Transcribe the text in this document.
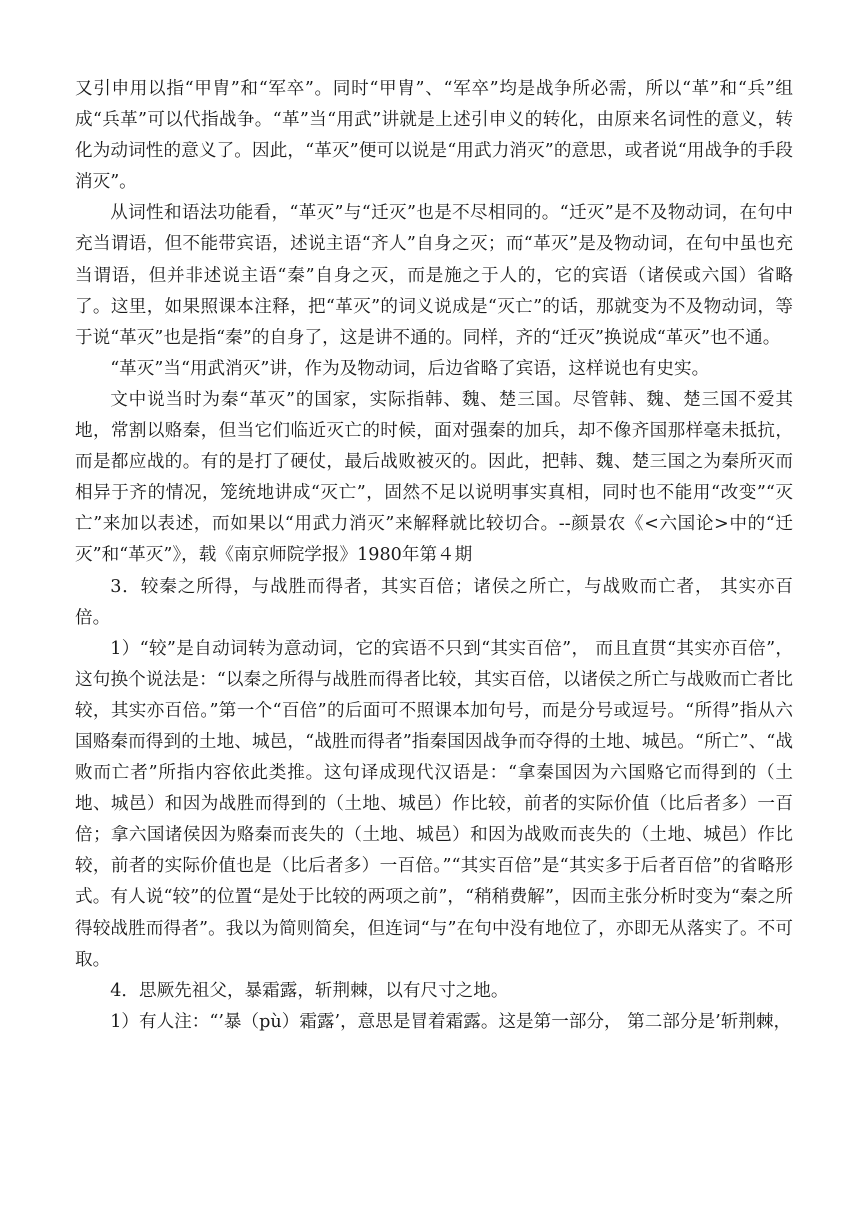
又引申用以指“甲胄”和“军卒”。同时“甲胄”、“军卒”均是战争所必需，所以“革”和“兵”组成“兵革”可以代指战争。“革”当“用武”讲就是上述引申义的转化，由原来名词性的意义，转化为动词性的意义了。因此，“革灭”便可以说是“用武力消灭”的意思，或者说“用战争的手段消灭”。

从词性和语法功能看，“革灭”与“迁灭”也是不尽相同的。“迁灭”是不及物动词，在句中充当谓语，但不能带宾语，述说主语“齐人”自身之灭；而“革灭”是及物动词，在句中虽也充当谓语，但并非述说主语“秦”自身之灭，而是施之于人的，它的宾语（诸侯或六国）省略了。这里，如果照课本注释，把“革灭”的词义说成是“灭亡”的话，那就变为不及物动词，等于说“革灭”也是指“秦”的自身了，这是讲不通的。同样，齐的“迁灭”换说成“革灭”也不通。

“革灭”当“用武消灭”讲，作为及物动词，后边省略了宾语，这样说也有史实。

文中说当时为秦“革灭”的国家，实际指韩、魏、楚三国。尽管韩、魏、楚三国不爱其地，常割以赂秦，但当它们临近灭亡的时候，面对强秦的加兵，却不像齐国那样毫未抵抗，而是都应战的。有的是打了硬仗，最后战败被灭的。因此，把韩、魏、楚三国之为秦所灭而相异于齐的情况，笼统地讲成“灭亡”，固然不足以说明事实真相，同时也不能用“改变”“灭亡”来加以表述，而如果以“用武力消灭”来解释就比较切合。--颜景农《<六国论>中的“迁灭”和“革灭”》，载《南京师院学报》1980年第４期

3．较秦之所得，与战胜而得者，其实百倍；诸侯之所亡，与战败而亡者， 其实亦百倍。

1）“较”是自动词转为意动词，它的宾语不只到“其实百倍”， 而且直贯“其实亦百倍”，这句换个说法是：“以秦之所得与战胜而得者比较，其实百倍，以诸侯之所亡与战败而亡者比较，其实亦百倍。”第一个“百倍”的后面可不照课本加句号，而是分号或逗号。“所得”指从六国赂秦而得到的土地、城邑，“战胜而得者”指秦国因战争而夺得的土地、城邑。“所亡”、“战败而亡者”所指内容依此类推。这句译成现代汉语是：“拿秦国因为六国赂它而得到的（土地、城邑）和因为战胜而得到的（土地、城邑）作比较，前者的实际价值（比后者多）一百倍；拿六国诸侯因为赂秦而丧失的（土地、城邑）和因为战败而丧失的（土地、城邑）作比较，前者的实际价值也是（比后者多）一百倍。”“其实百倍”是“其实多于后者百倍”的省略形式。有人说“较”的位置“是处于比较的两项之前”，“稍稍费解”，因而主张分析时变为“秦之所得较战胜而得者”。我以为简则简矣，但连词“与”在句中没有地位了，亦即无从落实了。不可取。

4．思厥先祖父，暴霜露，斩荆棘，以有尺寸之地。

1）有人注：“’暴（pù）霜露’，意思是冒着霜露。这是第一部分， 第二部分是’斩荆棘，
